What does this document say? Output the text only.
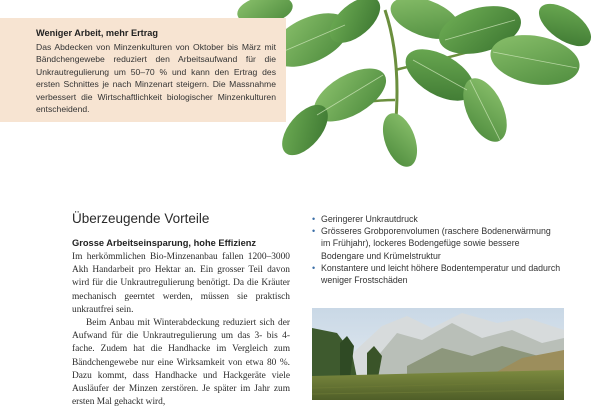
Weniger Arbeit, mehr Ertrag

Das Abdecken von Minzenkulturen von Oktober bis März mit Bändchengewebe reduziert den Arbeitsaufwand für die Unkrautregulierung um 50–70 % und kann den Ertrag des ersten Schnittes je nach Minzenart steigern. Die Massnahme verbessert die Wirtschaftlichkeit biologischer Minzenkulturen entscheidend.

Überzeugende Vorteile

Grosse Arbeitseinsparung, hohe Effizienz

Im herkömmlichen Bio-Minzenanbau fallen 1200–3000 Akh Handarbeit pro Hektar an. Ein grosser Teil davon wird für die Unkrautregulierung benötigt. Da die Kräuter mechanisch geerntet werden, müssen sie praktisch unkrautfrei sein.

Beim Anbau mit Winterabdeckung reduziert sich der Aufwand für die Unkrautregulierung um das 3- bis 4-fache. Zudem hat die Handhacke im Vergleich zum Bändchengewebe nur eine Wirksamkeit von etwa 80 %. Dazu kommt, dass Handhacke und Hackgeräte viele Ausläufer der Minzen zerstören. Je später im Jahr zum ersten Mal gehackt wird,

• Geringerer Unkrautdruck
• Grösseres Grobporenvolumen (raschere Bodenerwärmung im Frühjahr), lockeres Bodengefüge sowie bessere Bodengare und Krümelstruktur
• Konstantere und leicht höhere Bodentemperatur und dadurch weniger Frostschäden
